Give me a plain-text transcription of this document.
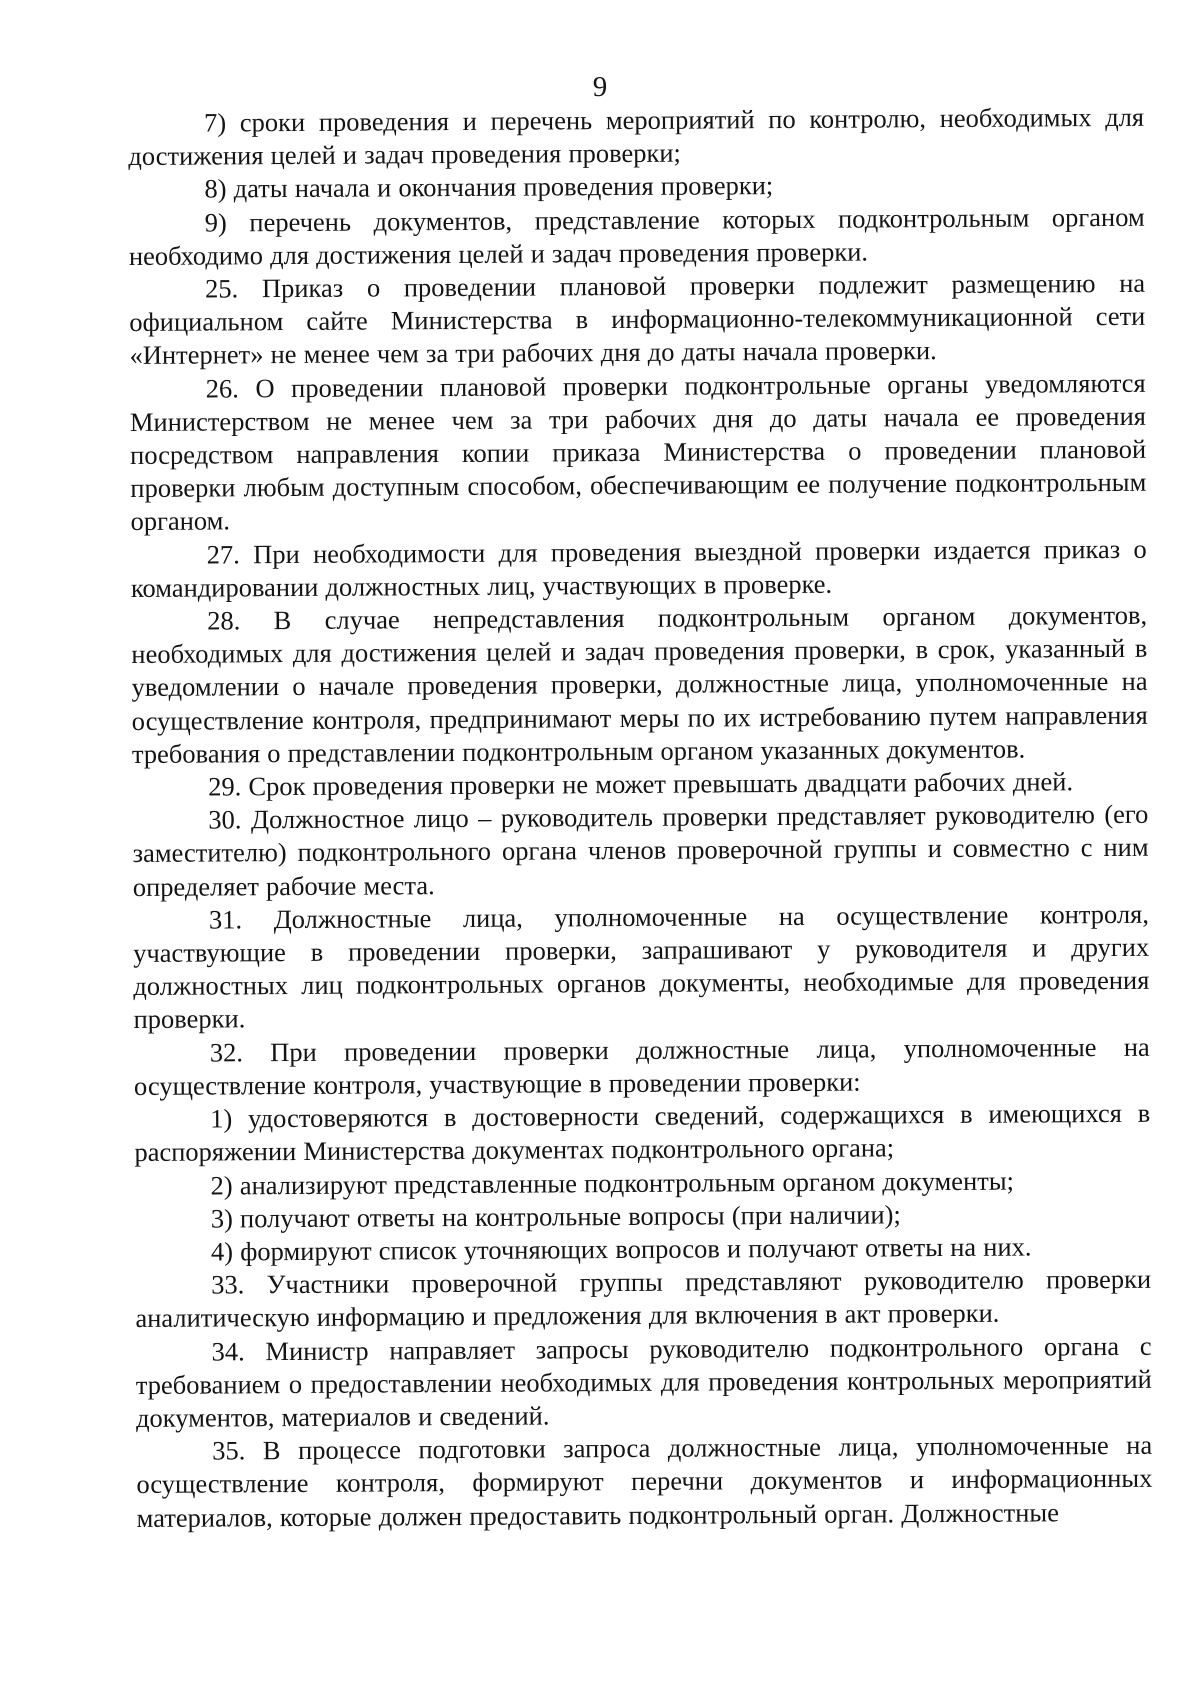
9

7) сроки проведения и перечень мероприятий по контролю, необходимых для достижения целей и задач проведения проверки;

8) даты начала и окончания проведения проверки;

9) перечень документов, представление которых подконтрольным органом необходимо для достижения целей и задач проведения проверки.

25. Приказ о проведении плановой проверки подлежит размещению на официальном сайте Министерства в информационно-телекоммуникационной сети «Интернет» не менее чем за три рабочих дня до даты начала проверки.

26. О проведении плановой проверки подконтрольные органы уведомляются Министерством не менее чем за три рабочих дня до даты начала ее проведения посредством направления копии приказа Министерства о проведении плановой проверки любым доступным способом, обеспечивающим ее получение подконтрольным органом.

27. При необходимости для проведения выездной проверки издается приказ о командировании должностных лиц, участвующих в проверке.

28. В случае непредставления подконтрольным органом документов, необходимых для достижения целей и задач проведения проверки, в срок, указанный в уведомлении о начале проведения проверки, должностные лица, уполномоченные на осуществление контроля, предпринимают меры по их истребованию путем направления требования о представлении подконтрольным органом указанных документов.

29. Срок проведения проверки не может превышать двадцати рабочих дней.

30. Должностное лицо – руководитель проверки представляет руководителю (его заместителю) подконтрольного органа членов проверочной группы и совместно с ним определяет рабочие места.

31. Должностные лица, уполномоченные на осуществление контроля, участвующие в проведении проверки, запрашивают у руководителя и других должностных лиц подконтрольных органов документы, необходимые для проведения проверки.

32. При проведении проверки должностные лица, уполномоченные на осуществление контроля, участвующие в проведении проверки:

1) удостоверяются в достоверности сведений, содержащихся в имеющихся в распоряжении Министерства документах подконтрольного органа;

2) анализируют представленные подконтрольным органом документы;

3) получают ответы на контрольные вопросы (при наличии);

4) формируют список уточняющих вопросов и получают ответы на них.

33. Участники проверочной группы представляют руководителю проверки аналитическую информацию и предложения для включения в акт проверки.

34. Министр направляет запросы руководителю подконтрольного органа с требованием о предоставлении необходимых для проведения контрольных мероприятий документов, материалов и сведений.

35. В процессе подготовки запроса должностные лица, уполномоченные на осуществление контроля, формируют перечни документов и информационных материалов, которые должен предоставить подконтрольный орган. Должностные
